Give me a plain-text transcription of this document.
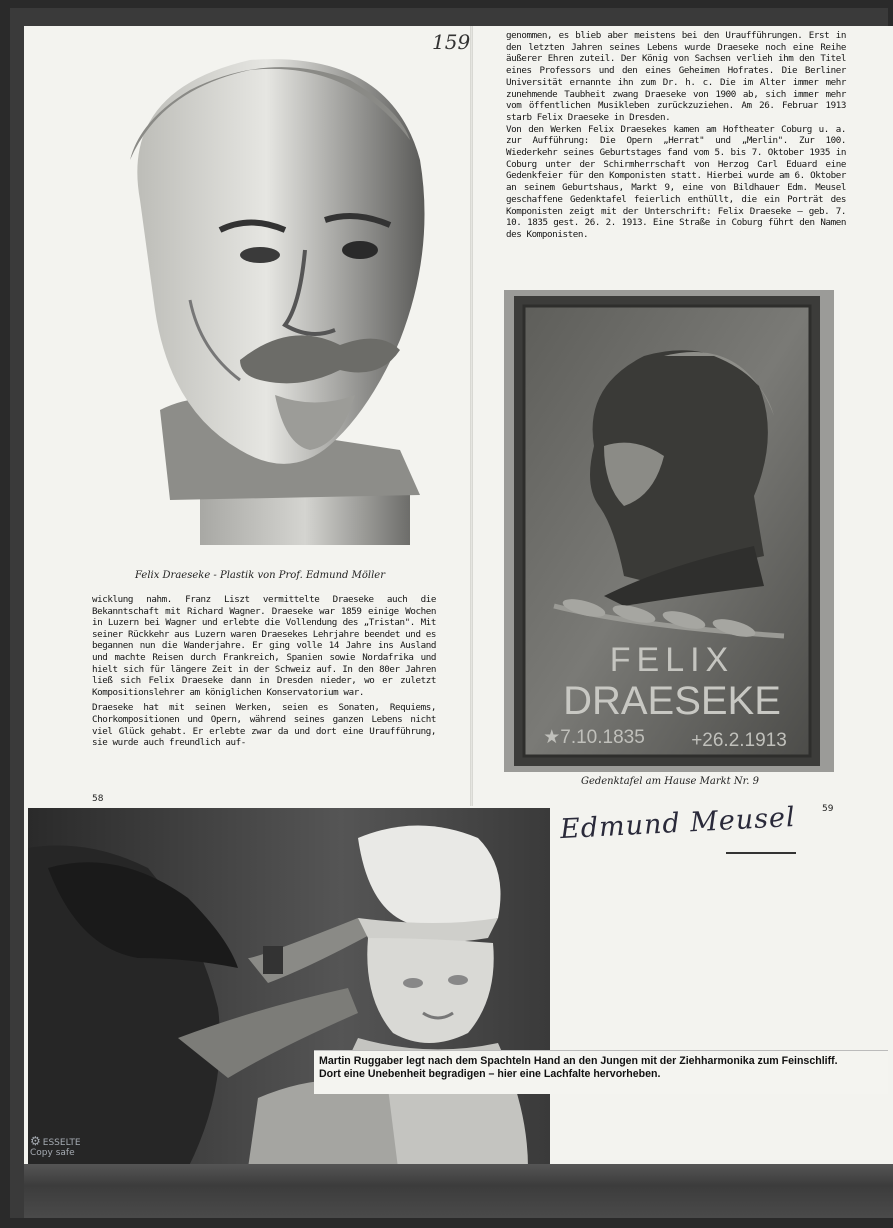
159	genommen, es blieb aber meistens bei den Uraufführungen. Erst in den letzten Jahren seines Lebens wurde Draeseke noch eine Reihe äußerer Ehren zuteil. Der König von Sachsen verlieh ihm den Titel eines Professors und den eines Geheimen Hofrates. Die Berliner Universität ernannte ihn zum Dr. h. c. Die im Alter immer mehr zunehmende Taubheit zwang Draeseke von 1900 ab, sich immer mehr vom öffentlichen Musikleben zurückzuziehen. Am 26. Februar 1913 starb Felix Draeseke in Dresden.

Von den Werken Felix Draesekes kamen am Hoftheater Coburg u. a. zur Aufführung: Die Opern „Herrat" und „Merlin". Zur 100. Wiederkehr seines Geburtstages fand vom 5. bis 7. Oktober 1935 in Coburg unter der Schirmherrschaft von Herzog Carl Eduard eine Gedenkfeier für den Komponisten statt. Hierbei wurde am 6. Oktober an seinem Geburtshaus, Markt 9, eine von Bildhauer Edm. Meusel geschaffene Gedenktafel feierlich enthüllt, die ein Porträt des Komponisten zeigt mit der Unterschrift: Felix Draeseke – geb. 7. 10. 1835 gest. 26. 2. 1913. Eine Straße in Coburg führt den Namen des Komponisten.

Felix Draeseke - Plastik von Prof. Edmund Möller

wicklung nahm. Franz Liszt vermittelte Draeseke auch die Bekanntschaft mit Richard Wagner. Draeseke war 1859 einige Wochen in Luzern bei Wagner und erlebte die Vollendung des „Tristan". Mit seiner Rückkehr aus Luzern waren Draesekes Lehrjahre beendet und es begannen nun die Wanderjahre. Er ging volle 14 Jahre ins Ausland und machte Reisen durch Frankreich, Spanien sowie Nordafrika und hielt sich für längere Zeit in der Schweiz auf. In den 80er Jahren ließ sich Felix Draeseke dann in Dresden nieder, wo er zuletzt Kompositionslehrer am königlichen Konservatorium war.

Draeseke hat mit seinen Werken, seien es Sonaten, Requiems, Chorkompositionen und Opern, während seines ganzen Lebens nicht viel Glück gehabt. Er erlebte zwar da und dort eine Uraufführung, sie wurde auch freundlich auf-

FELIX
DRAESEKE
★7.10.1835 +26.2.1913
Gedenktafel am Hause Markt Nr. 9
58
59
Edmund Meusel
Martin Ruggaber legt nach dem Spachteln Hand an den Jungen mit der Ziehharmonika zum Feinschliff.
Dort eine Unebenheit begradigen – hier eine Lachfalte hervorheben.
⚙ ESSELTE
Copy safe
